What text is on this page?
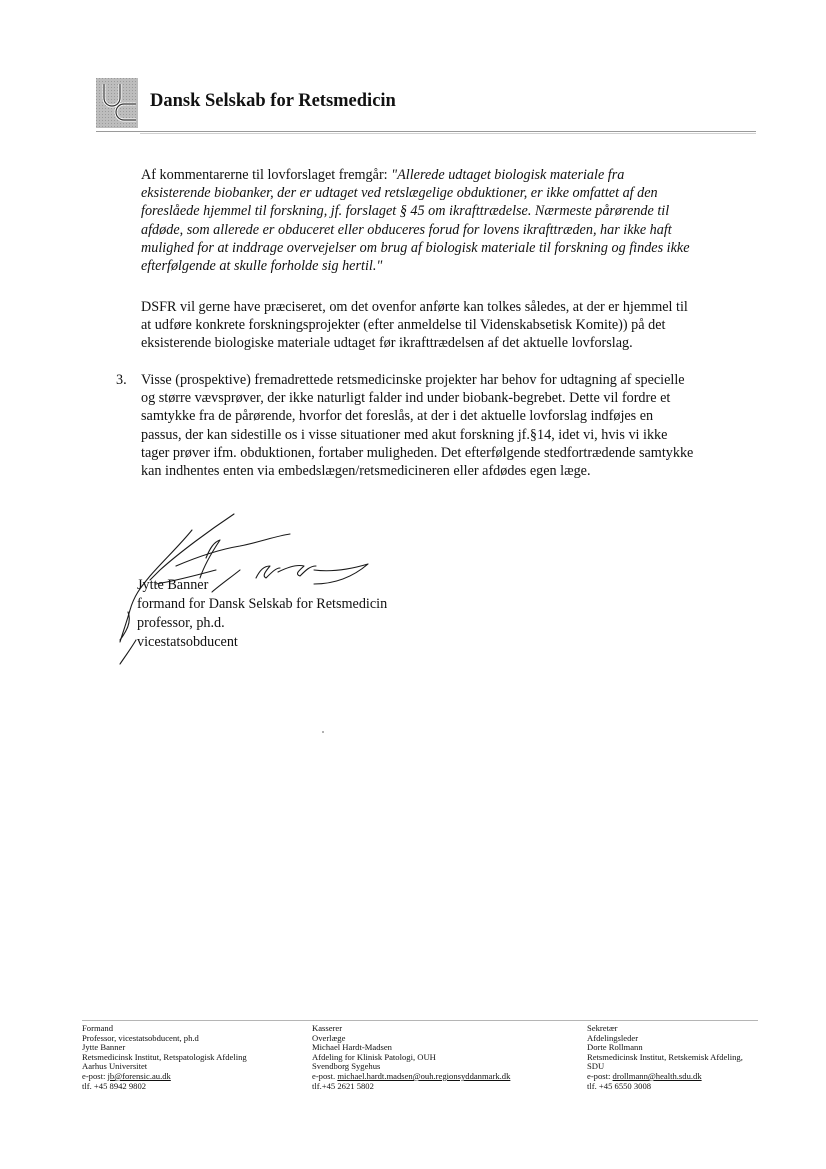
Dansk Selskab for Retsmedicin
Af kommentarerne til lovforslaget fremgår: "Allerede udtaget biologisk materiale fra
eksisterende biobanker, der er udtaget ved retslægelige obduktioner, er ikke omfattet af den
foreslåede hjemmel til forskning, jf. forslaget § 45 om ikrafttrædelse. Nærmeste pårørende til
afdøde, som allerede er obduceret eller obduceres forud for lovens ikrafttræden, har ikke haft
mulighed for at inddrage overvejelser om brug af biologisk materiale til forskning og findes ikke
efterfølgende at skulle forholde sig hertil."
DSFR vil gerne have præciseret, om det ovenfor anførte kan tolkes således, at der er hjemmel til
at udføre konkrete forskningsprojekter (efter anmeldelse til Videnskabsetisk Komite)) på det
eksisterende biologiske materiale udtaget før ikrafttrædelsen af det aktuelle lovforslag.
3. Visse (prospektive) fremadrettede retsmedicinske projekter har behov for udtagning af specielle
og større vævsprøver, der ikke naturligt falder ind under biobank-begrebet. Dette vil fordre et
samtykke fra de pårørende, hvorfor det foreslås, at der i det aktuelle lovforslag indføjes en
passus, der kan sidestille os i visse situationer med akut forskning jf.§14, idet vi, hvis vi ikke
tager prøver ifm. obduktionen, fortaber muligheden. Det efterfølgende stedfortrædende samtykke
kan indhentes enten via embedslægen/retsmedicineren eller afdødes egen læge.
Jytte Banner
formand for Dansk Selskab for Retsmedicin
professor, ph.d.
vicestatsobducent
Formand
Professor, vicestatsobducent, ph.d
Jytte Banner
Retsmedicinsk Institut, Retspatologisk Afdeling
Aarhus Universitet
e-post: jb@forensic.au.dk
tlf. +45 8942 9802
Kasserer
Overlæge
Michael Hardt-Madsen
Afdeling for Klinisk Patologi, OUH
Svendborg Sygehus
e-post. michael.hardt.madsen@ouh.regionsyddanmark.dk
tlf.+45 2621 5802
Sekretær
Afdelingsleder
Dorte Rollmann
Retsmedicinsk Institut, Retskemisk Afdeling,
SDU
e-post: drollmann@health.sdu.dk
tlf. +45 6550 3008
